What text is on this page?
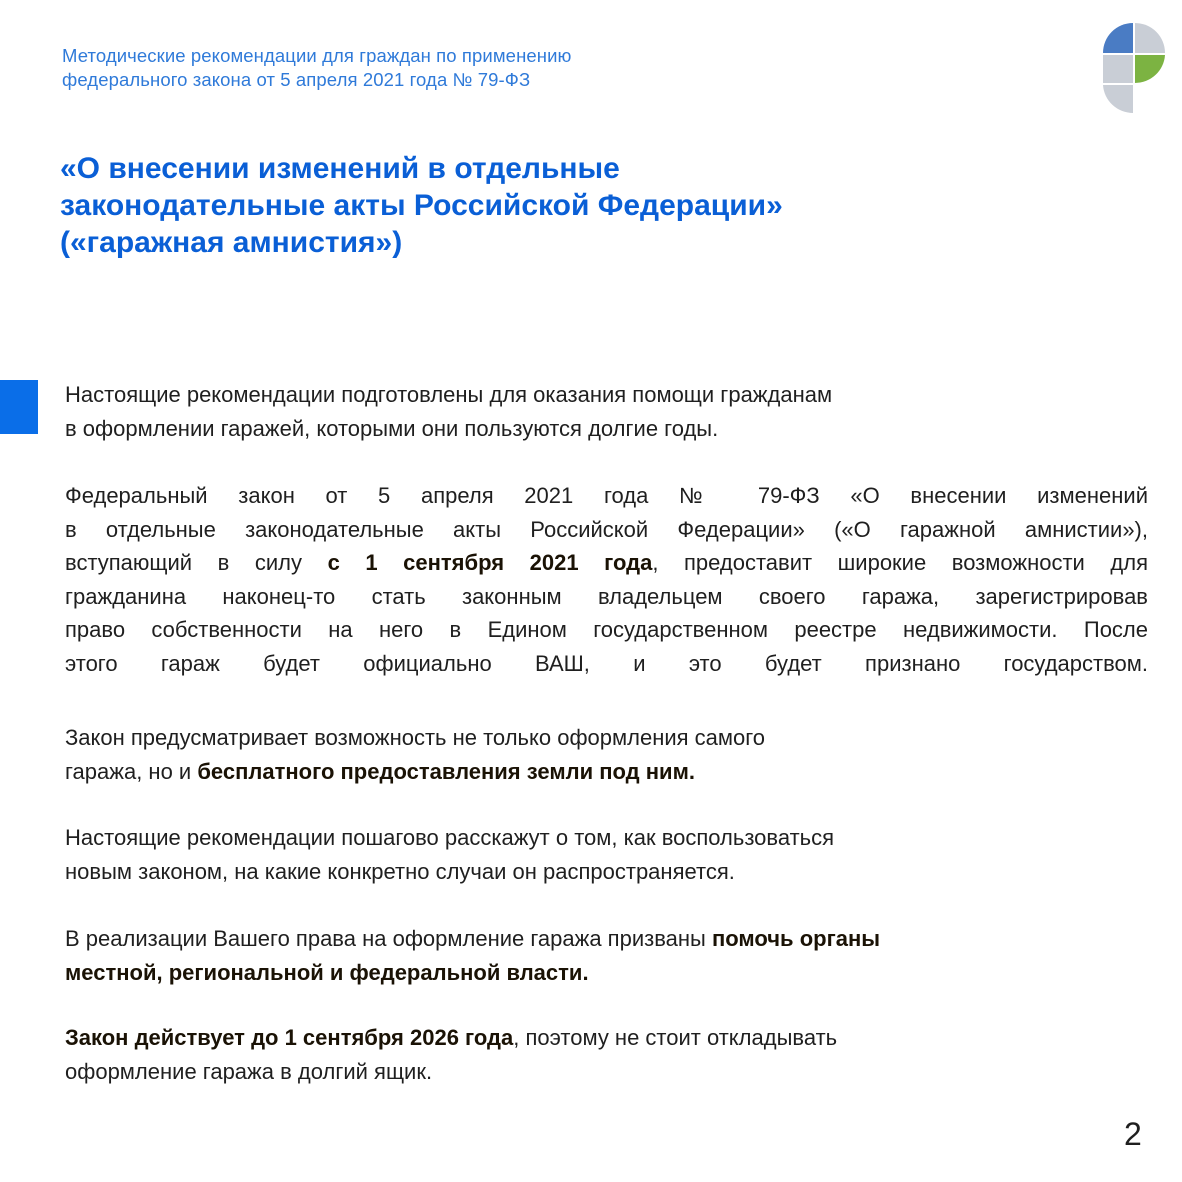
Методические рекомендации для граждан по применению
федерального закона от 5 апреля 2021 года № 79-ФЗ
«О внесении изменений в отдельные
законодательные акты Российской Федерации»
(«гаражная амнистия»)
Настоящие рекомендации подготовлены для оказания помощи гражданам
в оформлении гаражей, которыми они пользуются долгие годы.
Федеральный закон от 5 апреля 2021 года № 79-ФЗ «О внесении изменений
в отдельные законодательные акты Российской Федерации» («О гаражной амнистии»),
вступающий в силу с 1 сентября 2021 года, предоставит широкие возможности для
гражданина наконец-то стать законным владельцем своего гаража, зарегистрировав
право собственности на него в Едином государственном реестре недвижимости. После
этого гараж будет официально ВАШ, и это будет признано государством.
Закон предусматривает возможность не только оформления самого
гаража, но и бесплатного предоставления земли под ним.
Настоящие рекомендации пошагово расскажут о том, как воспользоваться
новым законом, на какие конкретно случаи он распространяется.
В реализации Вашего права на оформление гаража призваны помочь органы
местной, региональной и федеральной власти.
Закон действует до 1 сентября 2026 года, поэтому не стоит откладывать
оформление гаража в долгий ящик.
2
